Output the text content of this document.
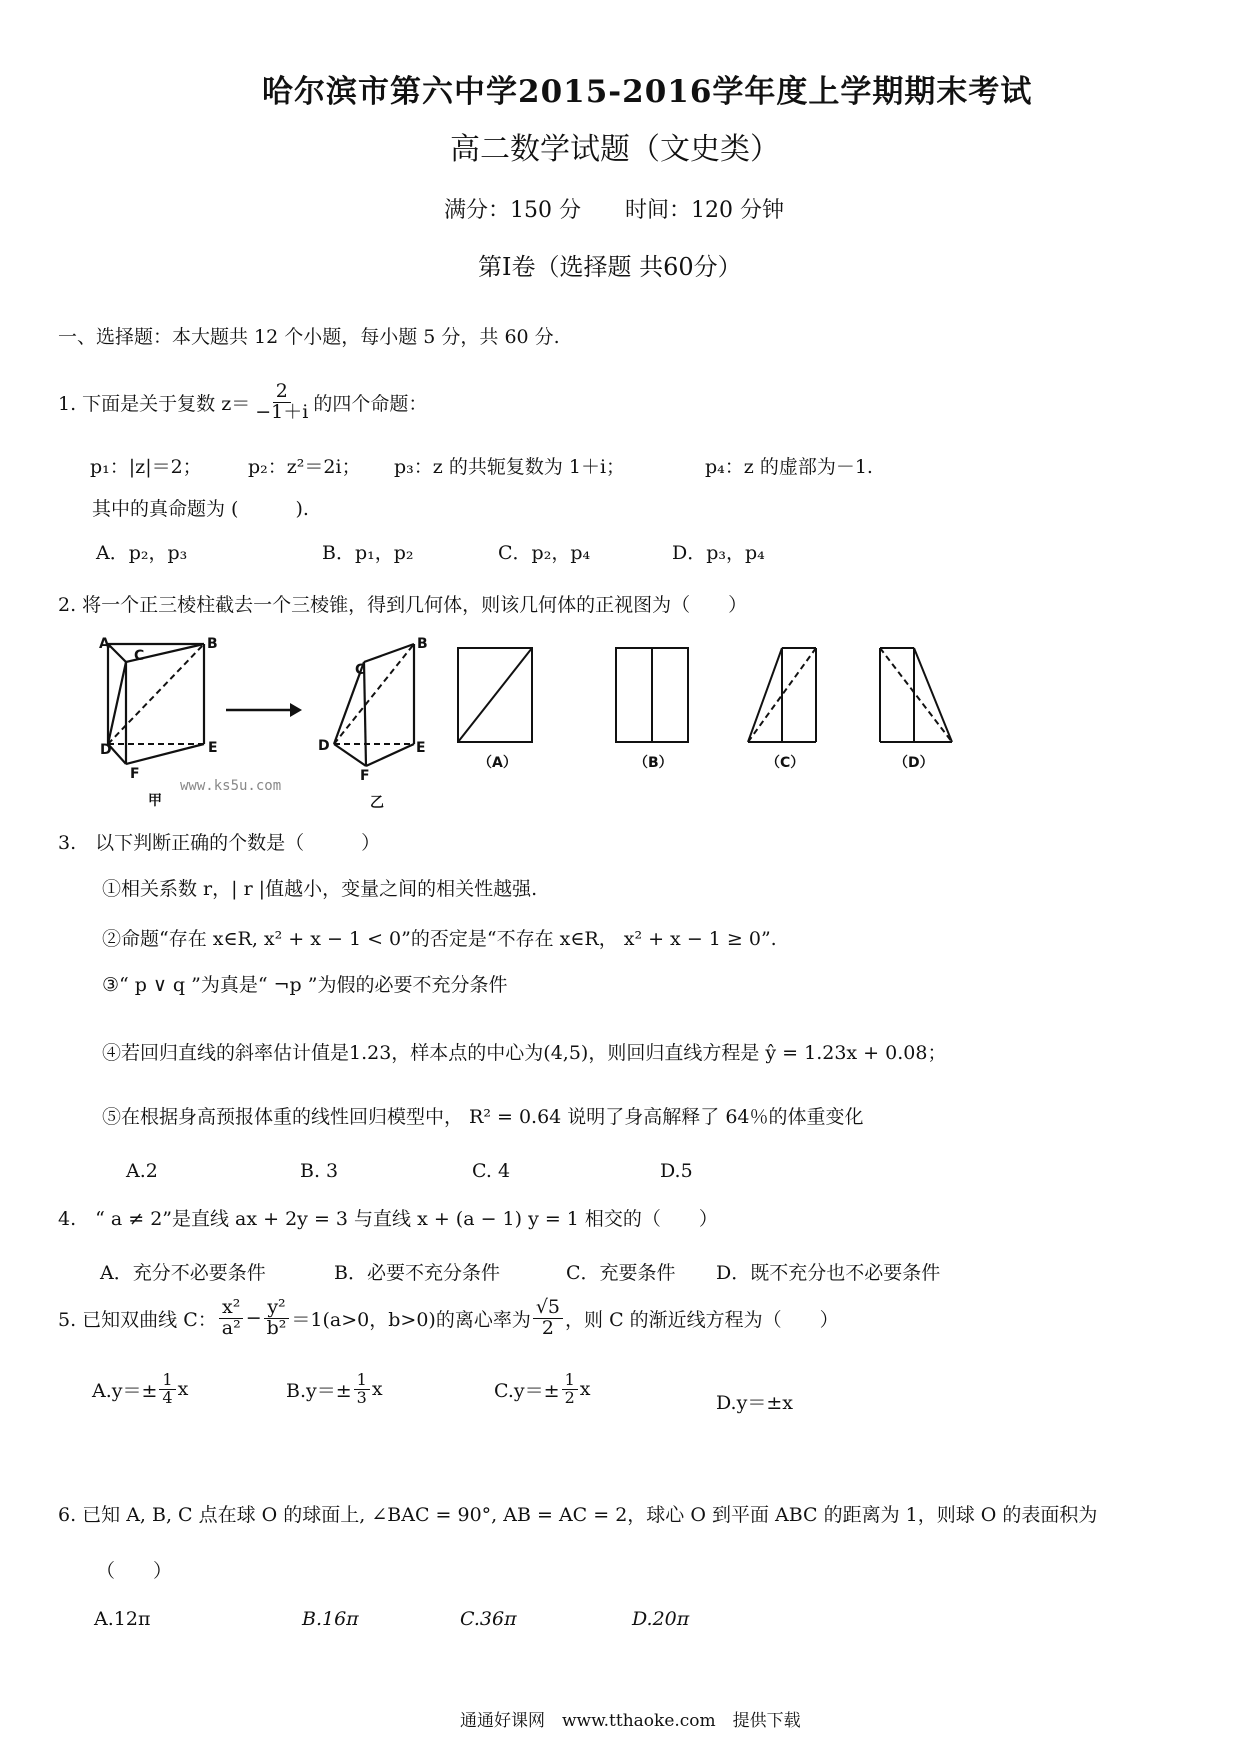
哈尔滨市第六中学2015-2016学年度上学期期末考试
高二数学试题（文史类）
满分：150 分　　时间：120 分钟
第Ⅰ卷（选择题 共60分）
一、选择题：本大题共 12 个小题，每小题 5 分，共 60 分.
1. 下面是关于复数 $z= \frac{2}{-1+i}$ 的四个命题：
p₁：|z|＝2； p₂：z²＝2i； p₃：z 的共轭复数为 1＋i；	p₄：z 的虚部为－1.
其中的真命题为 (　　　).
A．p₂，p₃	B．p₁，p₂	C．p₂，p₄	D．p₃，p₄
2. 将一个正三棱柱截去一个三棱锥，得到几何体，则该几何体的正视图为（　　）
A	B
C
D	E
F
甲
www.ks5u.com
B
C
D	E
F
乙
（A）	（B）	（C）	（D）
3.　以下判断正确的个数是（　　　）
①相关系数 r，| r |值越小，变量之间的相关性越强.
②命题“存在 x∈R, x² + x − 1 < 0”的否定是“不存在 x∈R， x² + x − 1 ≥ 0”.
③“ p ∨ q ”为真是“ ¬p ”为假的必要不充分条件
④若回归直线的斜率估计值是1.23，样本点的中心为(4,5)，则回归直线方程是 ŷ = 1.23x + 0.08；
⑤在根据身高预报体重的线性回归模型中， R² = 0.64 说明了身高解释了 64％的体重变化
A.2	B. 3	C. 4	D.5
4.　“ a ≠ 2”是直线 ax + 2y = 3 与直线 x + (a − 1) y = 1 相交的（　　）
A．充分不必要条件	B．必要不充分条件	C．充要条件 D．既不充分也不必要条件
5. 已知双曲线 C： $\frac{\text{x²}}{\text{a²}} - \frac{\text{y²}}{\text{b²}} =1(a>0$，b>0)的离心率为 $\frac{√5}{2}$ ，则 C 的渐近线方程为（　　）
$A.y=\pm \frac{1}{4}$ x	$B.y=\pm \frac{1}{3}$ x	$C.y=\pm \frac{1}{2}$ x
D.y＝±x
6. 已知 A, B, C 点在球 O 的球面上, ∠BAC = 90°, AB = AC = 2，球心 O 到平面 ABC 的距离为 1，则球 O 的表面积为
（　　）
A.12π	B.16π	C.36π	D.20π
通通好课网　www.tthaoke.com　提供下载
